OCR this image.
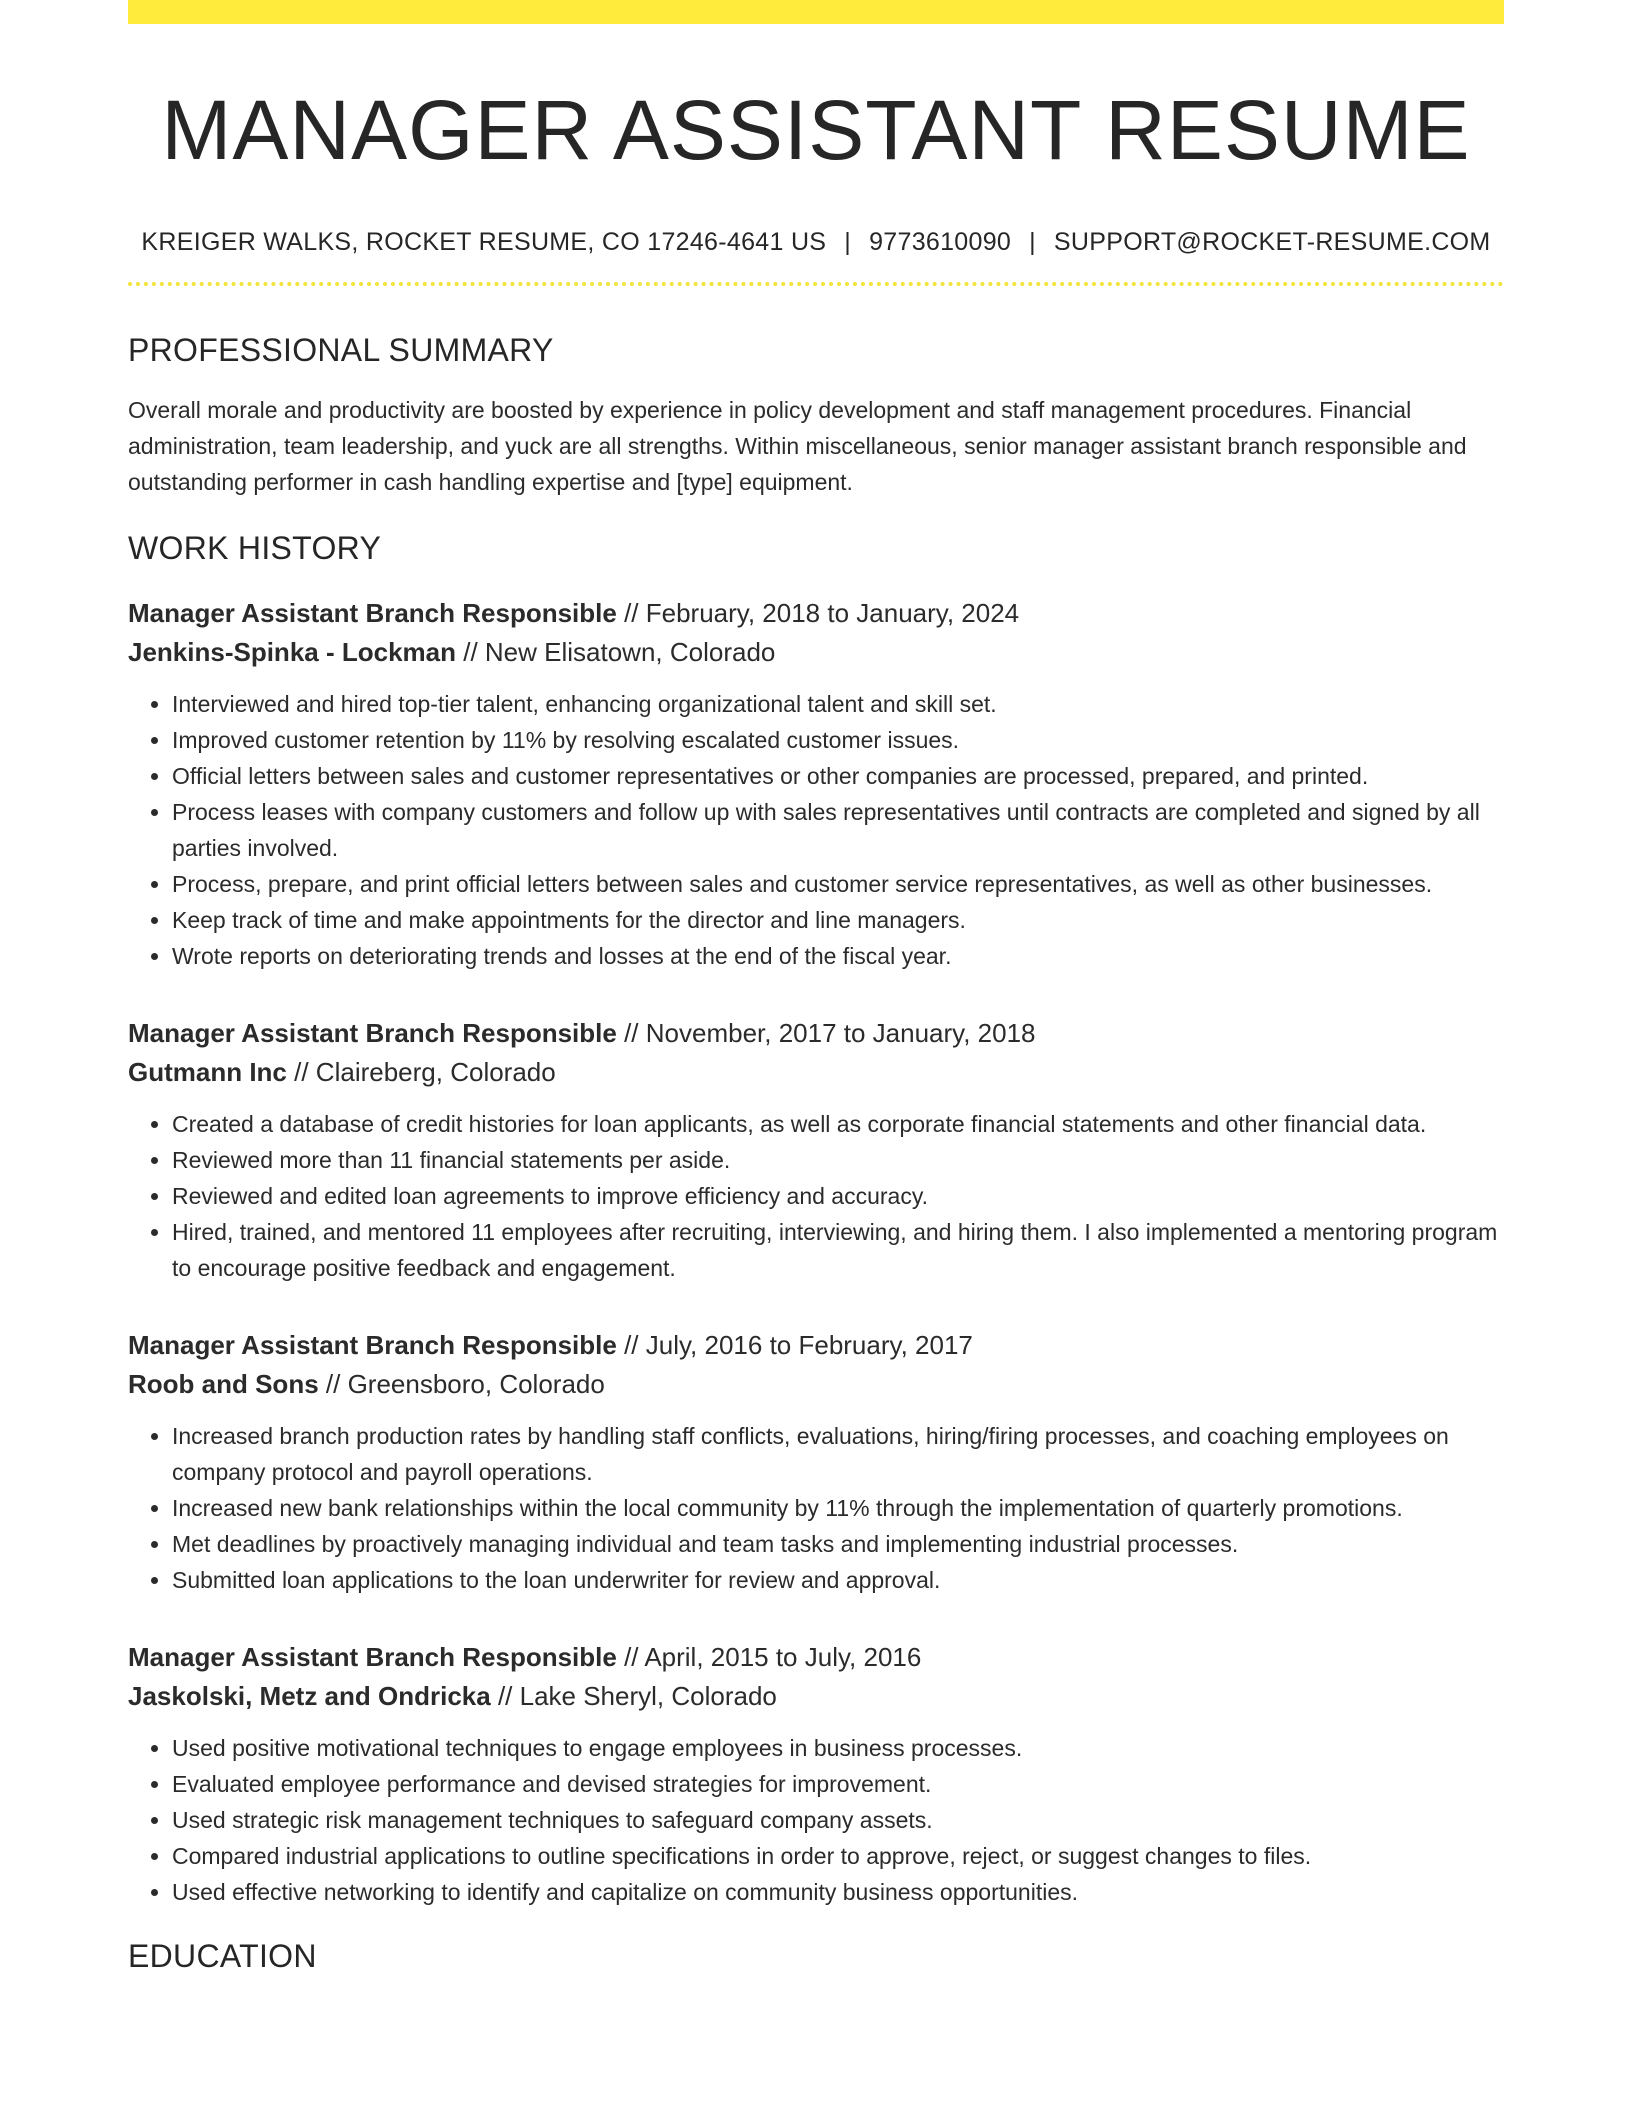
MANAGER ASSISTANT RESUME
KREIGER WALKS, ROCKET RESUME, CO 17246-4641 US | 9773610090 | SUPPORT@ROCKET-RESUME.COM
PROFESSIONAL SUMMARY
Overall morale and productivity are boosted by experience in policy development and staff management procedures. Financial administration, team leadership, and yuck are all strengths. Within miscellaneous, senior manager assistant branch responsible and outstanding performer in cash handling expertise and [type] equipment.
WORK HISTORY
Manager Assistant Branch Responsible // February, 2018 to January, 2024
Jenkins-Spinka - Lockman // New Elisatown, Colorado
• Interviewed and hired top-tier talent, enhancing organizational talent and skill set.
• Improved customer retention by 11% by resolving escalated customer issues.
• Official letters between sales and customer representatives or other companies are processed, prepared, and printed.
• Process leases with company customers and follow up with sales representatives until contracts are completed and signed by all parties involved.
• Process, prepare, and print official letters between sales and customer service representatives, as well as other businesses.
• Keep track of time and make appointments for the director and line managers.
• Wrote reports on deteriorating trends and losses at the end of the fiscal year.
Manager Assistant Branch Responsible // November, 2017 to January, 2018
Gutmann Inc // Claireberg, Colorado
• Created a database of credit histories for loan applicants, as well as corporate financial statements and other financial data.
• Reviewed more than 11 financial statements per aside.
• Reviewed and edited loan agreements to improve efficiency and accuracy.
• Hired, trained, and mentored 11 employees after recruiting, interviewing, and hiring them. I also implemented a mentoring program to encourage positive feedback and engagement.
Manager Assistant Branch Responsible // July, 2016 to February, 2017
Roob and Sons // Greensboro, Colorado
• Increased branch production rates by handling staff conflicts, evaluations, hiring/firing processes, and coaching employees on company protocol and payroll operations.
• Increased new bank relationships within the local community by 11% through the implementation of quarterly promotions.
• Met deadlines by proactively managing individual and team tasks and implementing industrial processes.
• Submitted loan applications to the loan underwriter for review and approval.
Manager Assistant Branch Responsible // April, 2015 to July, 2016
Jaskolski, Metz and Ondricka // Lake Sheryl, Colorado
• Used positive motivational techniques to engage employees in business processes.
• Evaluated employee performance and devised strategies for improvement.
• Used strategic risk management techniques to safeguard company assets.
• Compared industrial applications to outline specifications in order to approve, reject, or suggest changes to files.
• Used effective networking to identify and capitalize on community business opportunities.
EDUCATION
